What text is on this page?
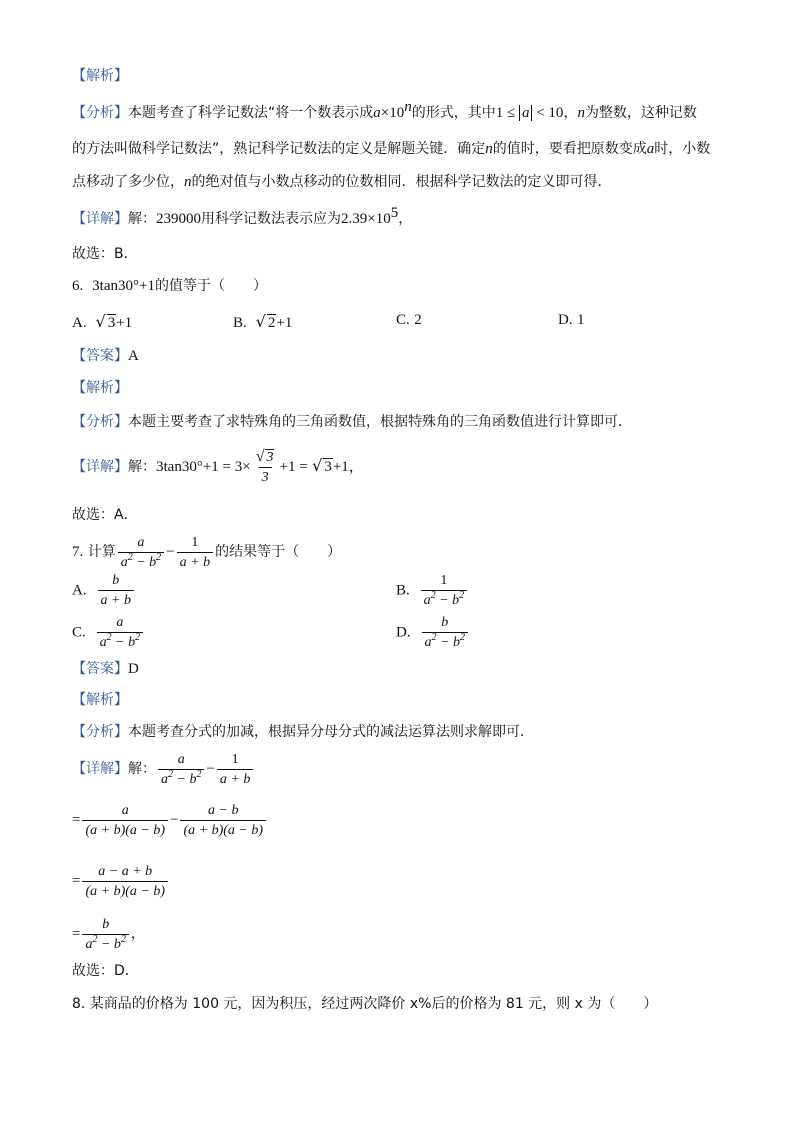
【解析】
【分析】本题考查了科学记数法“将一个数表示成$a\times 10^n$的形式，其中1 ≤ a < 10，n为整数，这种记数
的方法叫做科学记数法”，熟记科学记数法的定义是解题关键．确定n的值时，要看把原数变成a时，小数
点移动了多少位，n的绝对值与小数点移动的位数相同．根据科学记数法的定义即可得．
【详解】解：239000用科学记数法表示应为$2.39\times 10^5$，
故选：B．
6. 3tan30°+1的值等于（　　）
A. √ 3+1	B. √ 2+1	C. 2	D. 1
【答案】A
【解析】
【分析】本题主要考查了求特殊角的三角函数值，根据特殊角的三角函数值进行计算即可．
【详解】解：$3\tan 30^\circ+1 = 3\times \frac{√ 3}{3} +1$ = √ 3+1，
故选：A．
7. 计算 $\frac{a}{a^2 - b^2} - \frac{1}{a + b}$ 的结果等于（　　）
A. $\frac{b}{a + b}$	B. $\frac{1}{a^2 - b^2}$
C. $\frac{a}{a^2 - b^2}$	D. $\frac{b}{a^2 - b^2}$
【答案】D
【解析】
【分析】本题考查分式的加减，根据异分母分式的减法运算法则求解即可．
【详解】解： $\frac{a}{a^2 - b^2} - \frac{1}{a + b}$
= $\frac{a}{(a + b)(a - b)} - \frac{a - b}{(a + b)(a - b)}$
= $\frac{a - a + b}{(a + b)(a - b)}$
= $\frac{b}{a^2 - b^2}$ ，
故选：D．
8. 某商品的价格为 100 元，因为积压，经过两次降价 x%后的价格为 81 元，则 x 为（　　）
